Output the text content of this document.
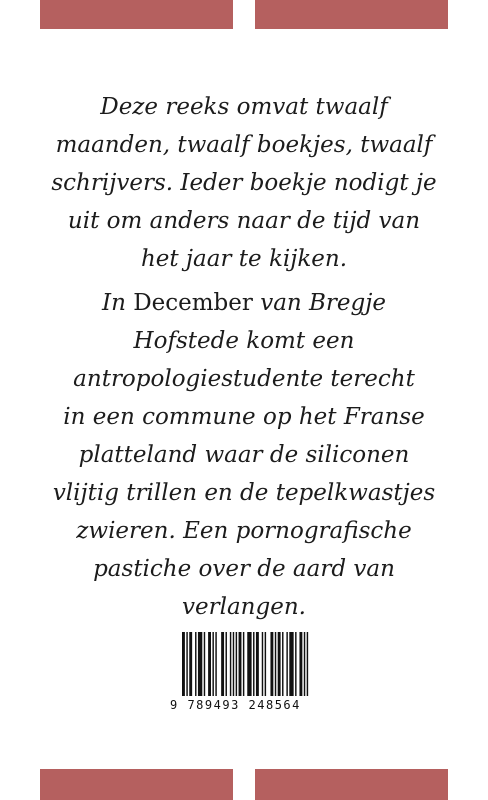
Deze reeks omvat twaalf
maanden, twaalf boekjes, twaalf
schrijvers. Ieder boekje nodigt je
uit om anders naar de tijd van
het jaar te kijken.
In December van Bregje
Hofstede komt een
antropologiestudente terecht
in een commune op het Franse
platteland waar de siliconen
vlijtig trillen en de tepelkwastjes
zwieren. Een pornografische
pastiche over de aard van
verlangen.
9 789493 248564
